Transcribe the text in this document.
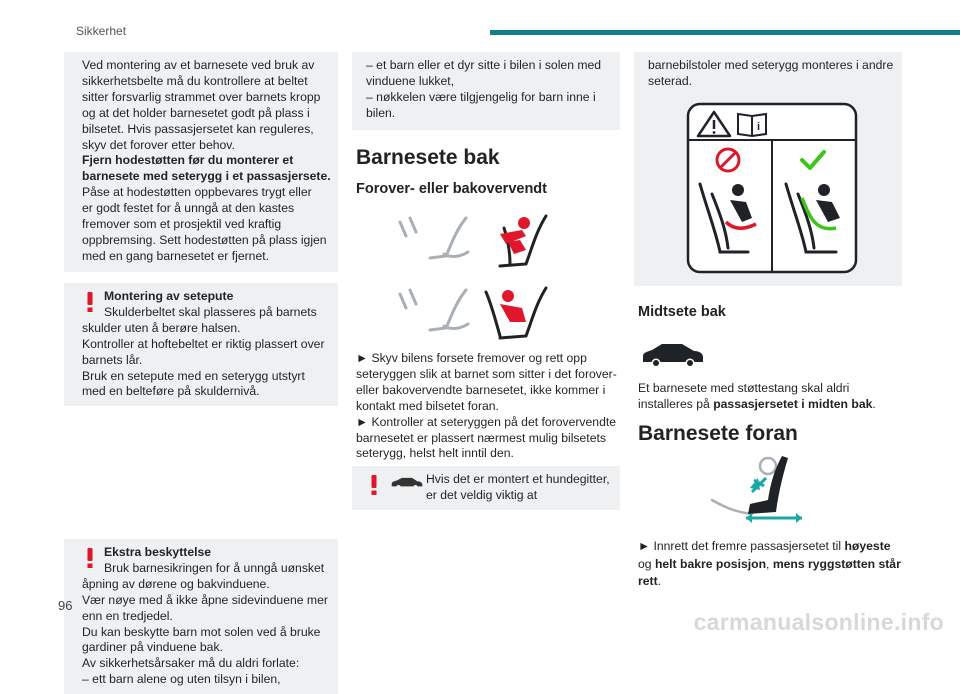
Sikkerhet

Ved montering av et barnesete ved bruk av

sikkerhetsbelte må du kontrollere at beltet

sitter forsvarlig strammet over barnets kropp

og at det holder barnesetet godt på plass i

bilsetet. Hvis passasjersetet kan reguleres,

skyv det forover etter behov.

Fjern hodestøtten før du monterer et

barnesete med seterygg i et passasjersete.

Påse at hodestøtten oppbevares trygt eller

er godt festet for å unngå at den kastes

fremover som et prosjektil ved kraftig

oppbremsing. Sett hodestøtten på plass igjen

med en gang barnesetet er fjernet.

Montering av setepute

Skulderbeltet skal plasseres på barnets

skulder uten å berøre halsen.

Kontroller at hoftebeltet er riktig plassert over

barnets lår.

Bruk en setepute med en seterygg utstyrt

med en belteføre på skuldernivå.

Ekstra beskyttelse

Bruk barnesikringen for å unngå uønsket

åpning av dørene og bakvinduene.

Vær nøye med å ikke åpne sidevinduene mer

enn en tredjedel.

Du kan beskytte barn mot solen ved å bruke

gardiner på vinduene bak.

Av sikkerhetsårsaker må du aldri forlate:

– ett barn alene og uten tilsyn i bilen,

– et barn eller et dyr sitte i bilen i solen med

vinduene lukket,

– nøkkelen være tilgjengelig for barn inne i

bilen.

Barnesete bak
Forover- eller bakovervendt

► Skyv bilens forsete fremover og rett opp

seteryggen slik at barnet som sitter i det forover-

eller bakovervendte barnesetet, ikke kommer i

kontakt med bilsetet foran.

► Kontroller at seteryggen på det forovervendte

barnesetet er plassert nærmest mulig bilsetets

seterygg, helst helt inntil den.

Hvis det er montert et hundegitter,

er det veldig viktig at

barnebilstoler med seterygg monteres i andre

seterad.

i
Midtsete bak

Et barnesete med støttestang skal aldri

installeres på passasjersetet i midten bak.

Barnesete foran

► Innrett det fremre passasjersetet til høyeste

og helt bakre posisjon, mens ryggstøtten står

rett.

96
carmanualsonline.info
